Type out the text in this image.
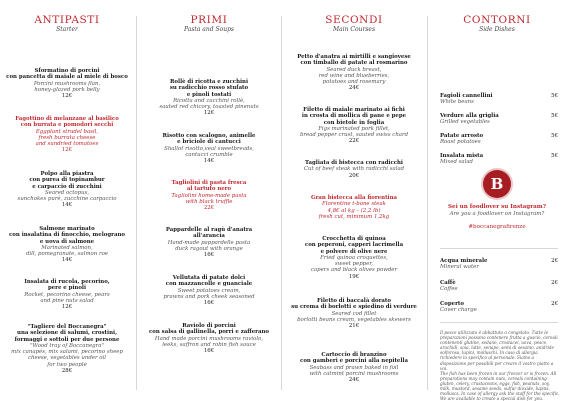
ANTIPASTI
Starter
Sformatino di porcini
con pancetta di maiale al miele di bosco
Porcini mushrooms flan,
honey-glazed pork belly
12€
Fagottino di melanzane al basilico
con burrata e pomodori secchi
Eggplant strudel basil,
fresh burrata cheese
and sundried tomatoes
12€
Polpo alla piastra
con purea di topinambur
e carpaccio di zucchini
Seared octopus,
sunchokes purè, zucchine carpaccio
14€
Salmone marinato
con insalatina di finocchio, melograno
e uova di salmone
Marinated salmon,
dill, pomegranate, salmon roe
14€
Insalata di rucola, pecorino,
pere e pinoli
Rocket, pecorino cheese, pears
and pine nuts salad
12€
"Tagliere del Boccanegra"
una selezione di salumi, crostini,
formaggi e sottoli per due persone
"Wood tray of Boccanegra"
mix canapés, mix salami, pecorino sheep
cheese, vegetables under oil
for two people
28€
PRIMI
Pasta and Soups
Rollè di ricotta e zucchini
su radicchio rosso stufato
e pinoli tostati
Ricotta and zucchini rollè,
sauted red chicory, toasted pinenuts
12€
Risotto con scalogno, animelle
e briciole di cantucci
Shallot risotto,veal sweetbreads,
cantucci crumble
14€
Tagliolini di pasta fresca
al tartufo nero
Tagliolini home-made pasta
with black truffle
22€
Pappardelle al ragù d'anatra
all'arancia
Hand-made pappardelle pasta
duck ragout with orange
16€
Vellutata di patate dolci
con mazzancolle e guanciale
Sweet potatoes cream,
prawns and pork cheek seasoned
16€
Raviolo di porcini
con salsa di gallinella, porri e zafferano
Hand made porcini mushrooms raviolo,
leeks, saffron and robin fish sauce
16€
SECONDI
Main Courses
Petto d'anatra ai mirtilli e sangiovese
con timballo di patate al rosmarino
Seared duck breast,
red wine and blueberries,
potatoes and rosemary
24€
Filetto di maiale marinato ai fichi
in crosta di mollica di pane e pepe
con bietole in foglia
Figs marinated pork fillet,
bread pepper crust, sauted swiss chard
22€
Tagliata di bistecca con radicchi
Cut of beef steak with radicchi salad
20€
Gran bistecca alla fiorentina
Florentine t-bone steak
4,8€ al kg – (2,2 lb)
fresh cut, minimum 1,2kg
Crocchetta di quinoa
con peperoni, capperi lacrimella
e polvere di olive nere
Fried quinoa croquettes,
sweet pepper,
capers and black olives powder
19€
Filetto di baccalà dorato
su crema di borlotti e spiedino di verdure
Seared cod fillet
borlotti beans cream, vegetables skewers
21€
Cartoccio di branzino
con gamberi e porcini alla nepitella
Seabass and prawn baked in foil
with catmint porcini mushrooms
24€
CONTORNI
Side Dishes
Fagioli cannellini
White beans
5€
Verdure alla griglia
Grilled vegetables
5€
Patate arrosto
Roast potatoes
5€
Insalata mista
Mixed salad
5€
B
Sei un foodlover su Instagram?
Are you a foodlover on Instagram?
#boccanegrafirenze
Acqua minerale
Mineral water
2€
Caffè
Coffee
2€
Coperto
Cover charge
2€
Il pesce utilizzato è abbattuto o congelato. Tutte le preparazioni possono contenere frutta a guscio, cereali contenenti glutine, sedano, crostacei, uova, pesce, arachidi, soia, latte, senape, semi di sesamo, anidride solforosa, lupini, molluschi. In caso di allergia richiedere lo specifico al personale. Siamo a disposizione per possibili per creare il vostro piatto a voi.
The fish has been frozen in our freezer or is frozen. All preparations may contain nuts, cereals containing gluten, celery, crustaceans, eggs, fish, peanuts, soy, milk, mustard, sesame seeds, sulfur dioxide, lupins, molluscs. In case of allergy ask the staff for the specific. We are available to create a special dish for you.
